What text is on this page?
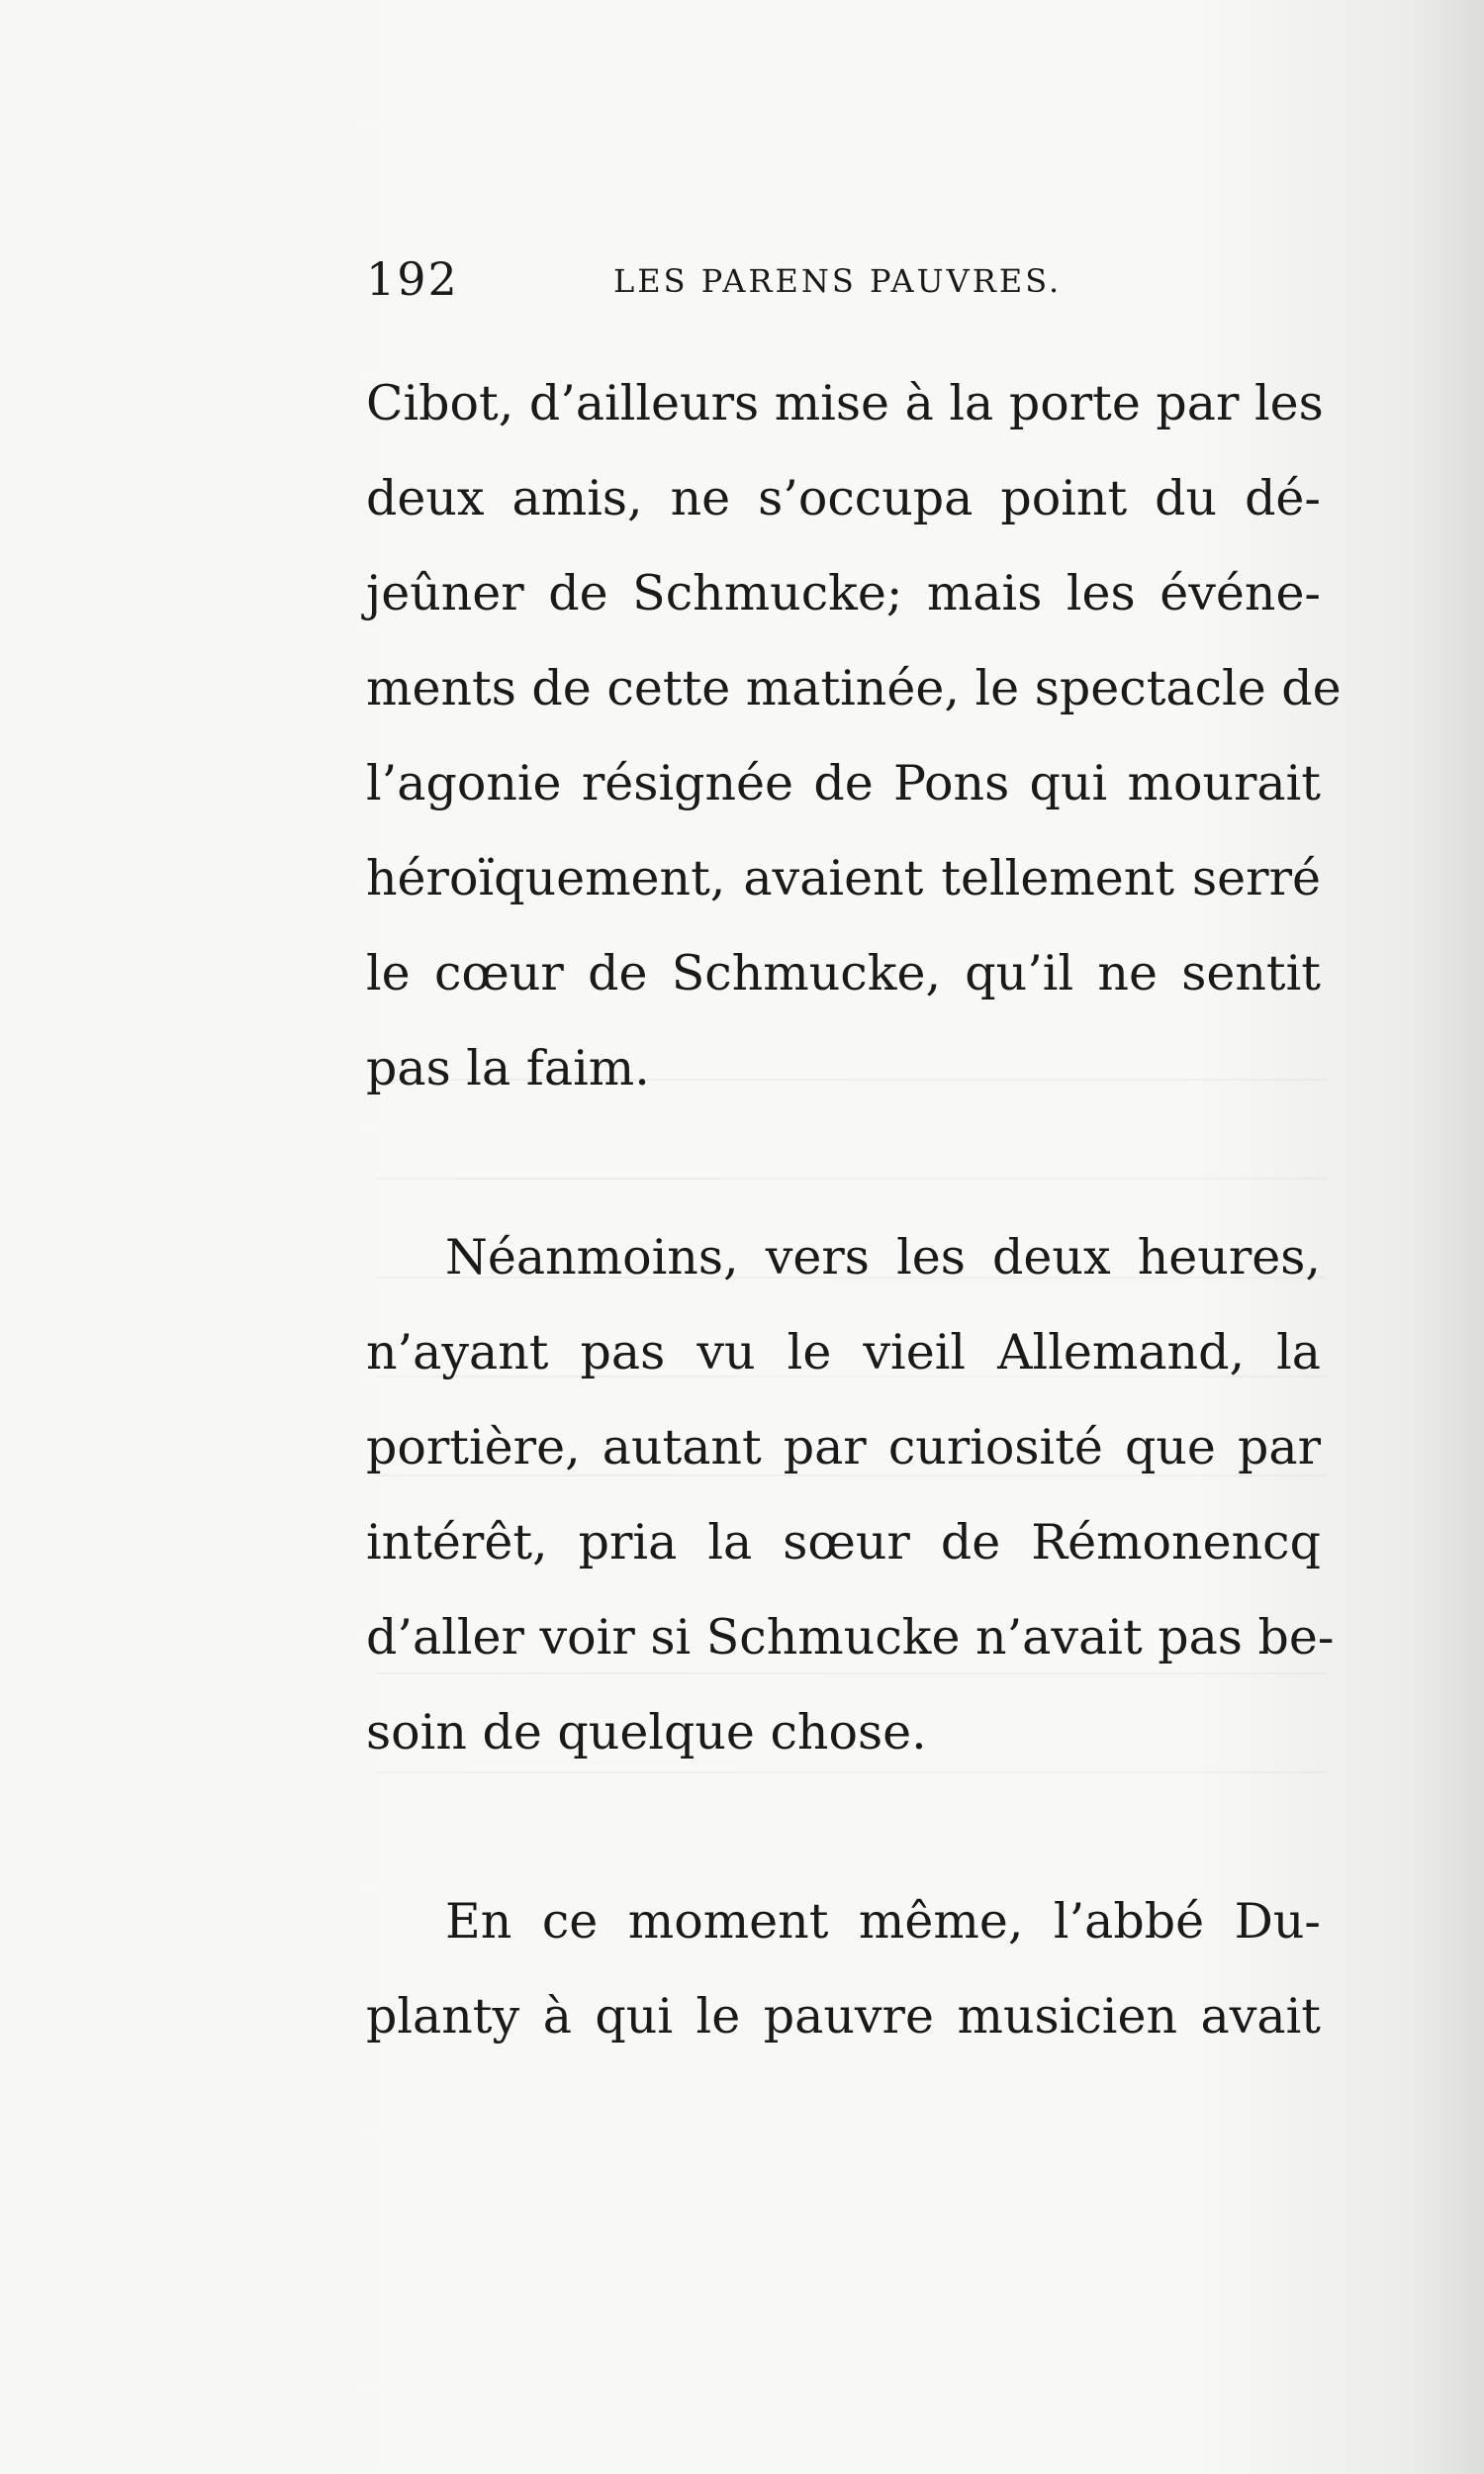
192	LES PARENS PAUVRES.
Cibot, d’ailleurs mise à la porte par les
deux amis, ne s’occupa point du dé-
jeûner de Schmucke; mais les événe-
ments de cette matinée, le spectacle de
l’agonie résignée de Pons qui mourait
héroïquement, avaient tellement serré
le cœur de Schmucke, qu’il ne sentit
pas la faim.
Néanmoins, vers les deux heures,
n’ayant pas vu le vieil Allemand, la
portière, autant par curiosité que par
intérêt, pria la sœur de Rémonencq
d’aller voir si Schmucke n’avait pas be-
soin de quelque chose.
En ce moment même, l’abbé Du-
planty à qui le pauvre musicien avait
